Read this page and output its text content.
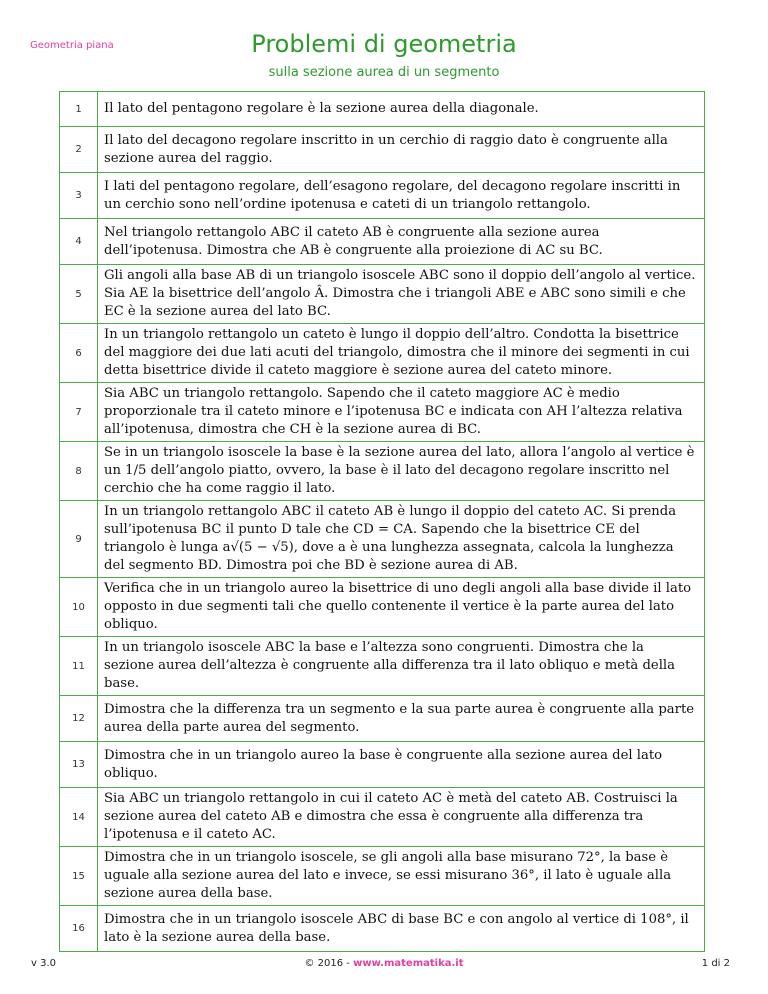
Geometria piana	Problemi di geometria
sulla sezione aurea di un segmento
1	Il lato del pentagono regolare è la sezione aurea della diagonale.
2	Il lato del decagono regolare inscritto in un cerchio di raggio dato è congruente alla sezione aurea del raggio.
3	I lati del pentagono regolare, dell’esagono regolare, del decagono regolare inscritti in un cerchio sono nell’ordine ipotenusa e cateti di un triangolo rettangolo.
4	Nel triangolo rettangolo ABC il cateto AB è congruente alla sezione aurea dell’ipotenusa. Dimostra che AB è congruente alla proiezione di AC su BC.
5	Gli angoli alla base AB di un triangolo isoscele ABC sono il doppio dell’angolo al vertice. Sia AE la bisettrice dell’angolo Â. Dimostra che i triangoli ABE e ABC sono simili e che EC è la sezione aurea del lato BC.
6	In un triangolo rettangolo un cateto è lungo il doppio dell’altro. Condotta la bisettrice del maggiore dei due lati acuti del triangolo, dimostra che il minore dei segmenti in cui detta bisettrice divide il cateto maggiore è sezione aurea del cateto minore.
7	Sia ABC un triangolo rettangolo. Sapendo che il cateto maggiore AC è medio proporzionale tra il cateto minore e l’ipotenusa BC e indicata con AH l’altezza relativa all’ipotenusa, dimostra che CH è la sezione aurea di BC.
8	Se in un triangolo isoscele la base è la sezione aurea del lato, allora l’angolo al vertice è un 1/5 dell’angolo piatto, ovvero, la base è il lato del decagono regolare inscritto nel cerchio che ha come raggio il lato.
9	In un triangolo rettangolo ABC il cateto AB è lungo il doppio del cateto AC. Si prenda sull’ipotenusa BC il punto D tale che CD = CA. Sapendo che la bisettrice CE del triangolo è lunga a√(5 − √5), dove a è una lunghezza assegnata, calcola la lunghezza del segmento BD. Dimostra poi che BD è sezione aurea di AB.
10	Verifica che in un triangolo aureo la bisettrice di uno degli angoli alla base divide il lato opposto in due segmenti tali che quello contenente il vertice è la parte aurea del lato obliquo.
11	In un triangolo isoscele ABC la base e l’altezza sono congruenti. Dimostra che la sezione aurea dell’altezza è congruente alla differenza tra il lato obliquo e metà della base.
12	Dimostra che la differenza tra un segmento e la sua parte aurea è congruente alla parte aurea della parte aurea del segmento.
13	Dimostra che in un triangolo aureo la base è congruente alla sezione aurea del lato obliquo.
14	Sia ABC un triangolo rettangolo in cui il cateto AC è metà del cateto AB. Costruisci la sezione aurea del cateto AB e dimostra che essa è congruente alla differenza tra l’ipotenusa e il cateto AC.
15	Dimostra che in un triangolo isoscele, se gli angoli alla base misurano 72°, la base è uguale alla sezione aurea del lato e invece, se essi misurano 36°, il lato è uguale alla sezione aurea della base.
16	Dimostra che in un triangolo isoscele ABC di base BC e con angolo al vertice di 108°, il lato è la sezione aurea della base.
v 3.0	© 2016 - www.matematika.it	1 di 2
